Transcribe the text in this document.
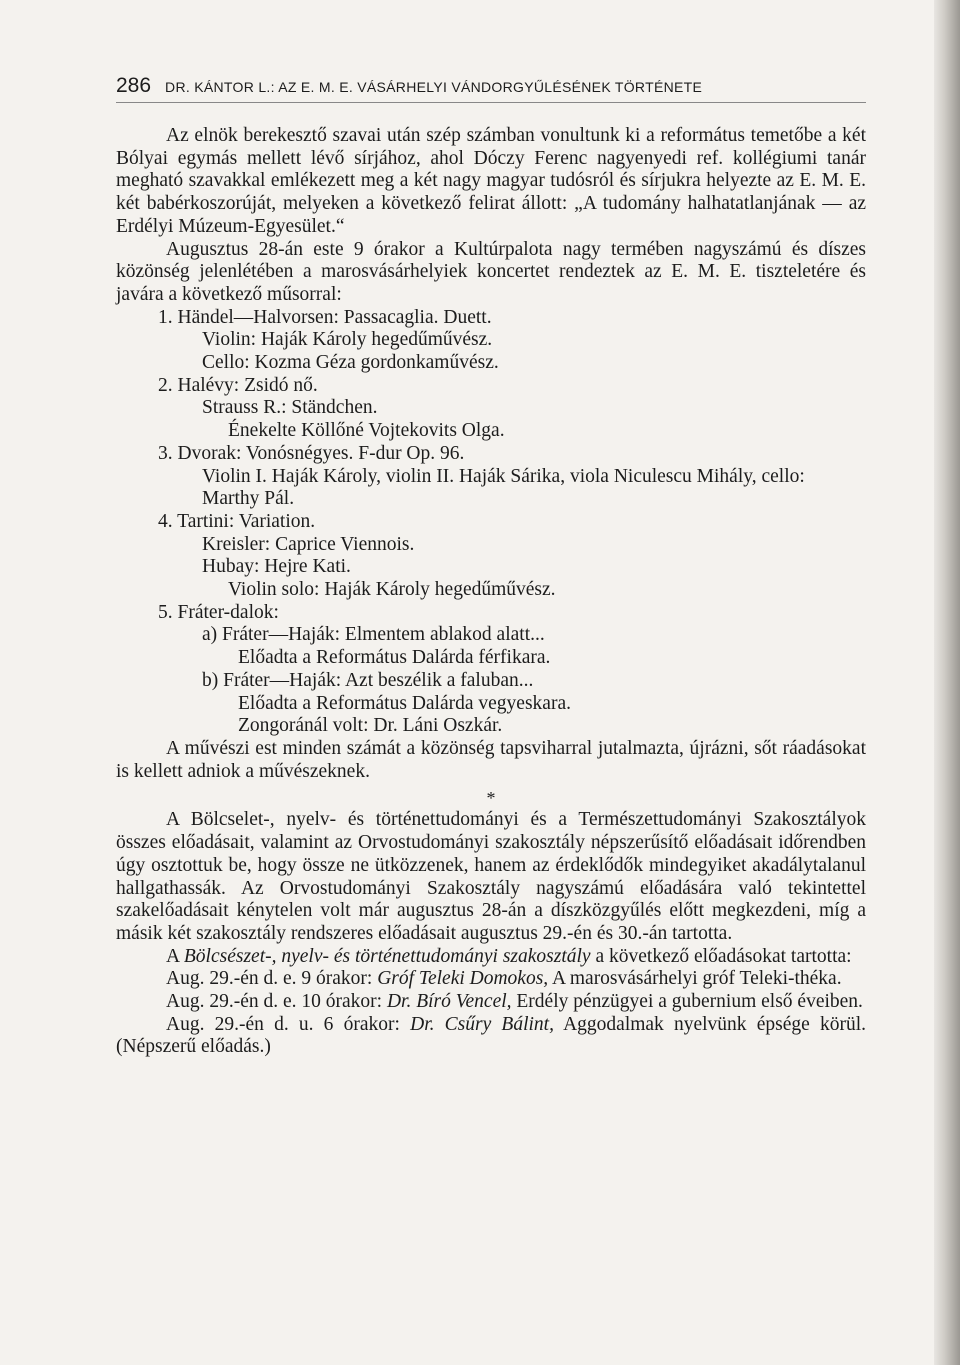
286 DR. KÁNTOR L.: AZ E. M. E. VÁSÁRHELYI VÁNDORGYŰLÉSÉNEK TÖRTÉNETE

Az elnök berekesztő szavai után szép számban vonultunk ki a református temetőbe a két Bólyai egymás mellett lévő sírjához, ahol Dóczy Ferenc nagyenyedi ref. kollégiumi tanár megható szavakkal emlékezett meg a két nagy magyar tudósról és sírjukra helyezte az E. M. E. két babérkoszorúját, melyeken a következő felirat állott: „A tudomány halhatatlanjának — az Erdélyi Múzeum-Egyesület.“

Augusztus 28-án este 9 órakor a Kultúrpalota nagy termében nagyszámú és díszes közönség jelenlétében a marosvásárhelyiek koncertet rendeztek az E. M. E. tiszteletére és javára a következő műsorral:

1. Händel—Halvorsen: Passacaglia. Duett.
Violin: Haják Károly hegedűművész.
Cello: Kozma Géza gordonkaművész.
2. Halévy: Zsidó nő.
Strauss R.: Ständchen.
Énekelte Köllőné Vojtekovits Olga.
3. Dvorak: Vonósnégyes. F-dur Op. 96.
Violin I. Haják Károly, violin II. Haják Sárika, viola Niculescu Mihály, cello: Marthy Pál.
4. Tartini: Variation.
Kreisler: Caprice Viennois.
Hubay: Hejre Kati.
Violin solo: Haják Károly hegedűművész.
5. Fráter-dalok:
a) Fráter—Haják: Elmentem ablakod alatt...
Előadta a Református Dalárda férfikara.
b) Fráter—Haják: Azt beszélik a faluban...
Előadta a Református Dalárda vegyeskara.
Zongoránál volt: Dr. Láni Oszkár.

A művészi est minden számát a közönség tapsviharral jutalmazta, újrázni, sőt ráadásokat is kellett adniok a művészeknek.

*

A Bölcselet-, nyelv- és történettudományi és a Természettudományi Szakosztályok összes előadásait, valamint az Orvostudományi szakosztály népszerűsítő előadásait időrendben úgy osztottuk be, hogy össze ne ütközzenek, hanem az érdeklődők mindegyiket akadálytalanul hallgathassák. Az Orvostudományi Szakosztály nagyszámú előadására való tekintettel szakelőadásait kénytelen volt már augusztus 28-án a díszközgyűlés előtt megkezdeni, míg a másik két szakosztály rendszeres előadásait augusztus 29.-én és 30.-án tartotta.

A Bölcsészet-, nyelv- és történettudományi szakosztály a következő előadásokat tartotta:

Aug. 29.-én d. e. 9 órakor: Gróf Teleki Domokos, A marosvásárhelyi gróf Teleki-théka.

Aug. 29.-én d. e. 10 órakor: Dr. Bíró Vencel, Erdély pénzügyei a gubernium első éveiben.

Aug. 29.-én d. u. 6 órakor: Dr. Csűry Bálint, Aggodalmak nyelvünk épsége körül. (Népszerű előadás.)
